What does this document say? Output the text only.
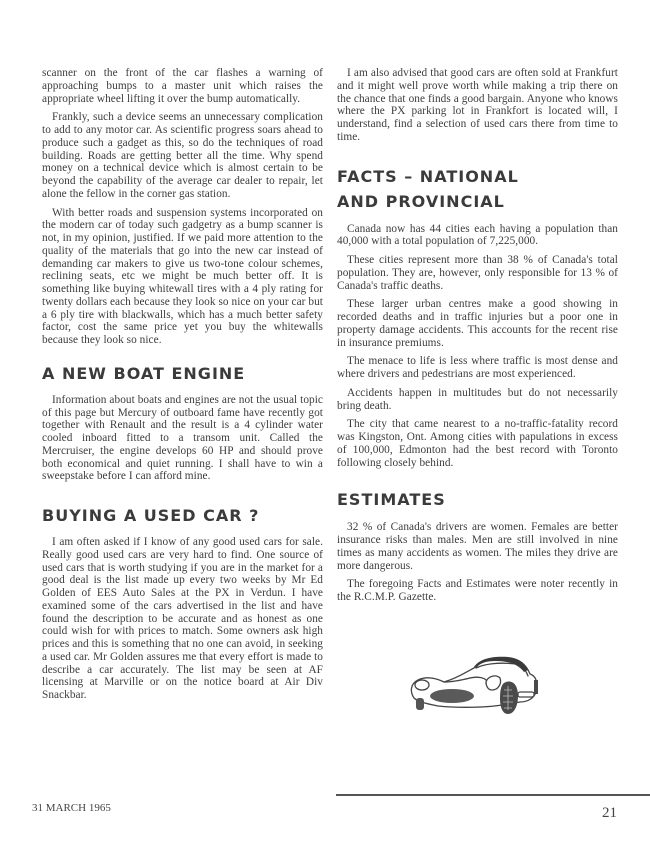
scanner on the front of the car flashes a warning of approaching bumps to a master unit which raises the appropriate wheel lifting it over the bump automatically.

Frankly, such a device seems an unnecessary complication to add to any motor car. As scientific progress soars ahead to produce such a gadget as this, so do the techniques of road building. Roads are getting better all the time. Why spend money on a technical device which is almost certain to be beyond the capability of the average car dealer to repair, let alone the fellow in the corner gas station.

With better roads and suspension systems incorporated on the modern car of today such gadgetry as a bump scanner is not, in my opinion, justified. If we paid more attention to the quality of the materials that go into the new car instead of demanding car makers to give us two-tone colour schemes, reclining seats, etc we might be much better off. It is something like buying whitewall tires with a 4 ply rating for twenty dollars each because they look so nice on your car but a 6 ply tire with blackwalls, which has a much better safety factor, cost the same price yet you buy the whitewalls because they look so nice.

A NEW BOAT ENGINE

Information about boats and engines are not the usual topic of this page but Mercury of outboard fame have recently got together with Renault and the result is a 4 cylinder water cooled inboard fitted to a transom unit. Called the Mercruiser, the engine develops 60 HP and should prove both economical and quiet running. I shall have to win a sweepstake before I can afford mine.

BUYING A USED CAR ?

I am often asked if I know of any good used cars for sale. Really good used cars are very hard to find. One source of used cars that is worth studying if you are in the market for a good deal is the list made up every two weeks by Mr Ed Golden of EES Auto Sales at the PX in Verdun. I have examined some of the cars advertised in the list and have found the description to be accurate and as honest as one could wish for with prices to match. Some owners ask high prices and this is something that no one can avoid, in seeking a used car. Mr Golden assures me that every effort is made to describe a car accurately. The list may be seen at AF licensing at Marville or on the notice board at Air Div Snackbar.

I am also advised that good cars are often sold at Frankfurt and it might well prove worth while making a trip there on the chance that one finds a good bargain. Anyone who knows where the PX parking lot in Frankfort is located will, I understand, find a selection of used cars there from time to time.

FACTS – NATIONAL
AND PROVINCIAL

Canada now has 44 cities each having a population than 40,000 with a total population of 7,225,000.

These cities represent more than 38 % of Canada's total population. They are, however, only responsible for 13 % of Canada's traffic deaths.

These larger urban centres make a good showing in recorded deaths and in traffic injuries but a poor one in property damage accidents. This accounts for the recent rise in insurance premiums.

The menace to life is less where traffic is most dense and where drivers and pedestrians are most experienced.

Accidents happen in multitudes but do not necessarily bring death.

The city that came nearest to a no-traffic-fatality record was Kingston, Ont. Among cities with papulations in excess of 100,000, Edmonton had the best record with Toronto following closely behind.

ESTIMATES

32 % of Canada's drivers are women. Females are better insurance risks than males. Men are still involved in nine times as many accidents as women. The miles they drive are more dangerous.

The foregoing Facts and Estimates were noter recently in the R.C.M.P. Gazette.

31 MARCH 1965	21
